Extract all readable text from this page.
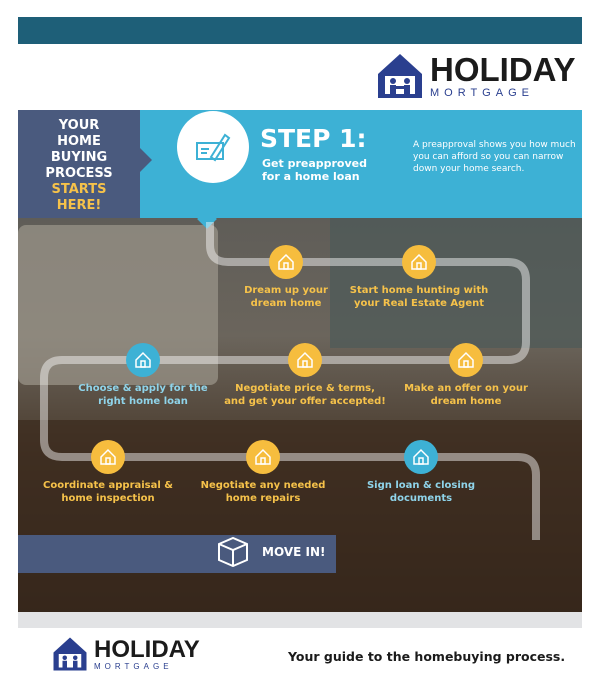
HOLIDAY
MORTGAGE
YOUR
HOME
BUYING
PROCESS
STARTS
HERE!
STEP 1:
Get preapproved for a home loan
A preapproval shows you how much you can afford so you can narrow down your home search.
Dream up your
dream home
Start home hunting with
your Real Estate Agent
Choose & apply for the
right home loan
Negotiate price & terms,
and get your offer accepted!
Make an offer on your
dream home
Coordinate appraisal &
home inspection
Negotiate any needed
home repairs
Sign loan & closing
documents
MOVE IN!
HOLIDAY
MORTGAGE
Your guide to the homebuying process.
